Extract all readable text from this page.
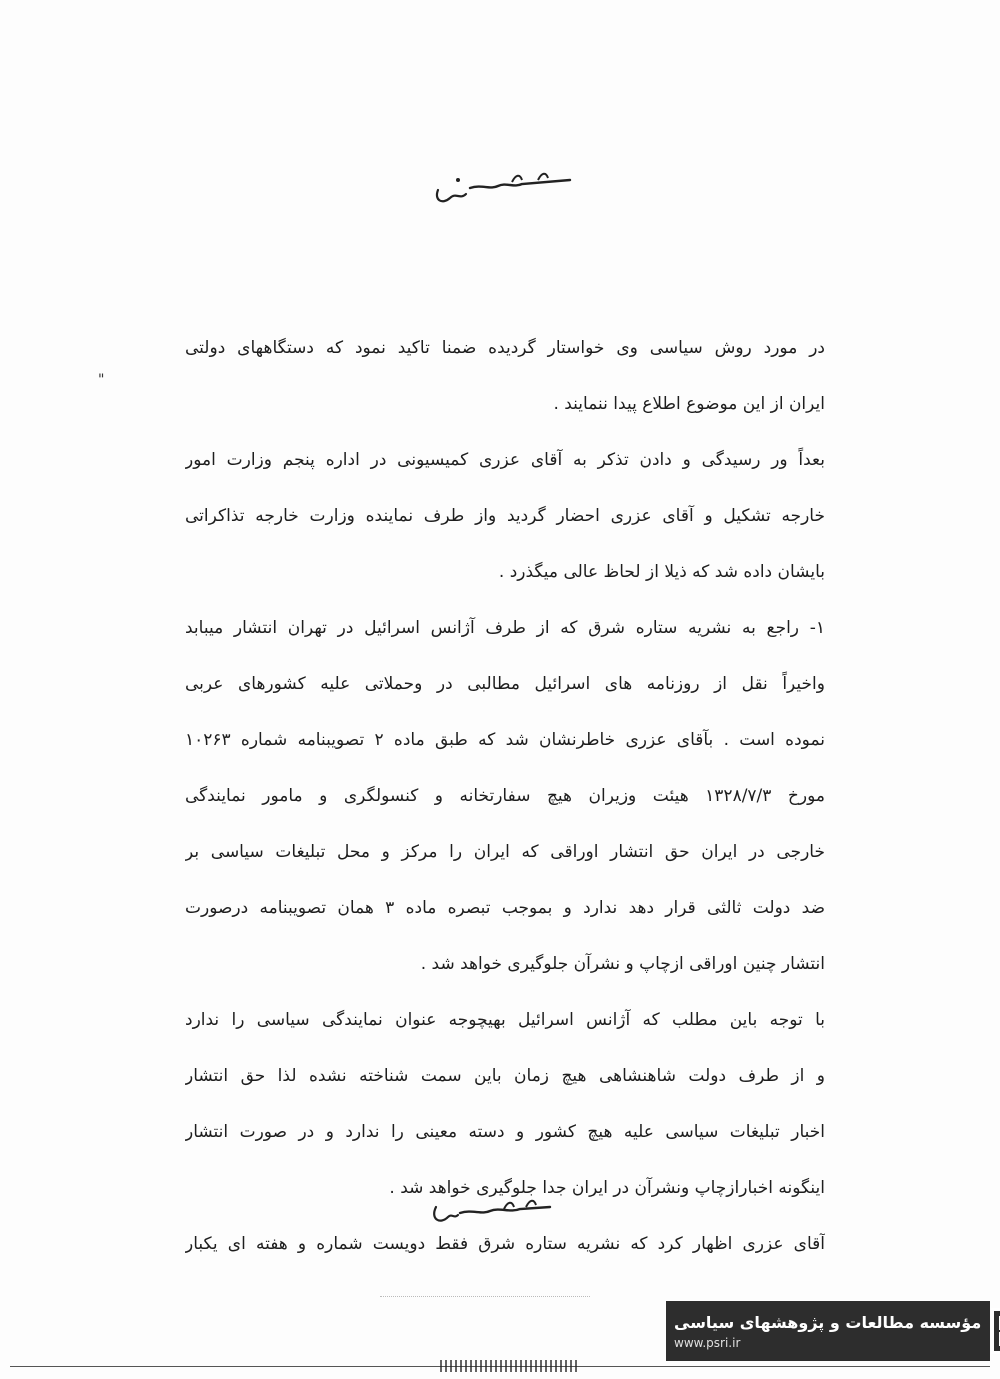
"
در مورد روش سیاسی وی خواستار گردیده ضمنا تاکید نمود که دستگاههای دولتی
ایران از این موضوع اطلاع پیدا ننمایند .
بعداً ور رسیدگی و دادن تذکر به آقای عزری کمیسیونی در اداره پنجم وزارت امور
خارجه تشکیل و آقای عزری احضار گردید واز طرف نماینده وزارت خارجه تذاکراتی
بایشان داده شد که ذیلا از لحاظ عالی میگذرد .
۱- راجع به نشریه ستاره شرق که از طرف آژانس اسرائیل در تهران انتشار میبابد
واخیراً نقل از روزنامه های اسرائیل مطالبی در وحملاتی علیه کشورهای عربی
نموده است . بآقای عزری خاطرنشان شد که طبق ماده ۲ تصویبنامه شماره ۱۰۲۶۳
مورخ ۱۳۲۸/۷/۳ هیئت وزیران هیچ سفارتخانه و کنسولگری و مامور نمایندگی
خارجی در ایران حق انتشار اوراقی که ایران را مرکز و محل تبلیغات سیاسی بر
ضد دولت ثالثی قرار دهد ندارد و بموجب تبصره ماده ۳ همان تصویبنامه درصورت
انتشار چنین اوراقی ازچاپ و نشرآن جلوگیری خواهد شد .
با توجه باین مطلب که آژانس اسرائیل بهیچوجه عنوان نمایندگی سیاسی را ندارد
و از طرف دولت شاهنشاهی هیچ زمان باین سمت شناخته نشده لذا حق انتشار
اخبار تبلیغات سیاسی علیه هیچ کشور و دسته معینی را ندارد و در صورت انتشار
اینگونه اخبارازچاپ ونشرآن در ایران جدا جلوگیری خواهد شد .
آقای عزری اظهار کرد که نشریه ستاره شرق فقط دویست شماره و هفته ای یکبار
مؤسسه مطالعات و پژوهشهای سیاسی
www.psri.ir
